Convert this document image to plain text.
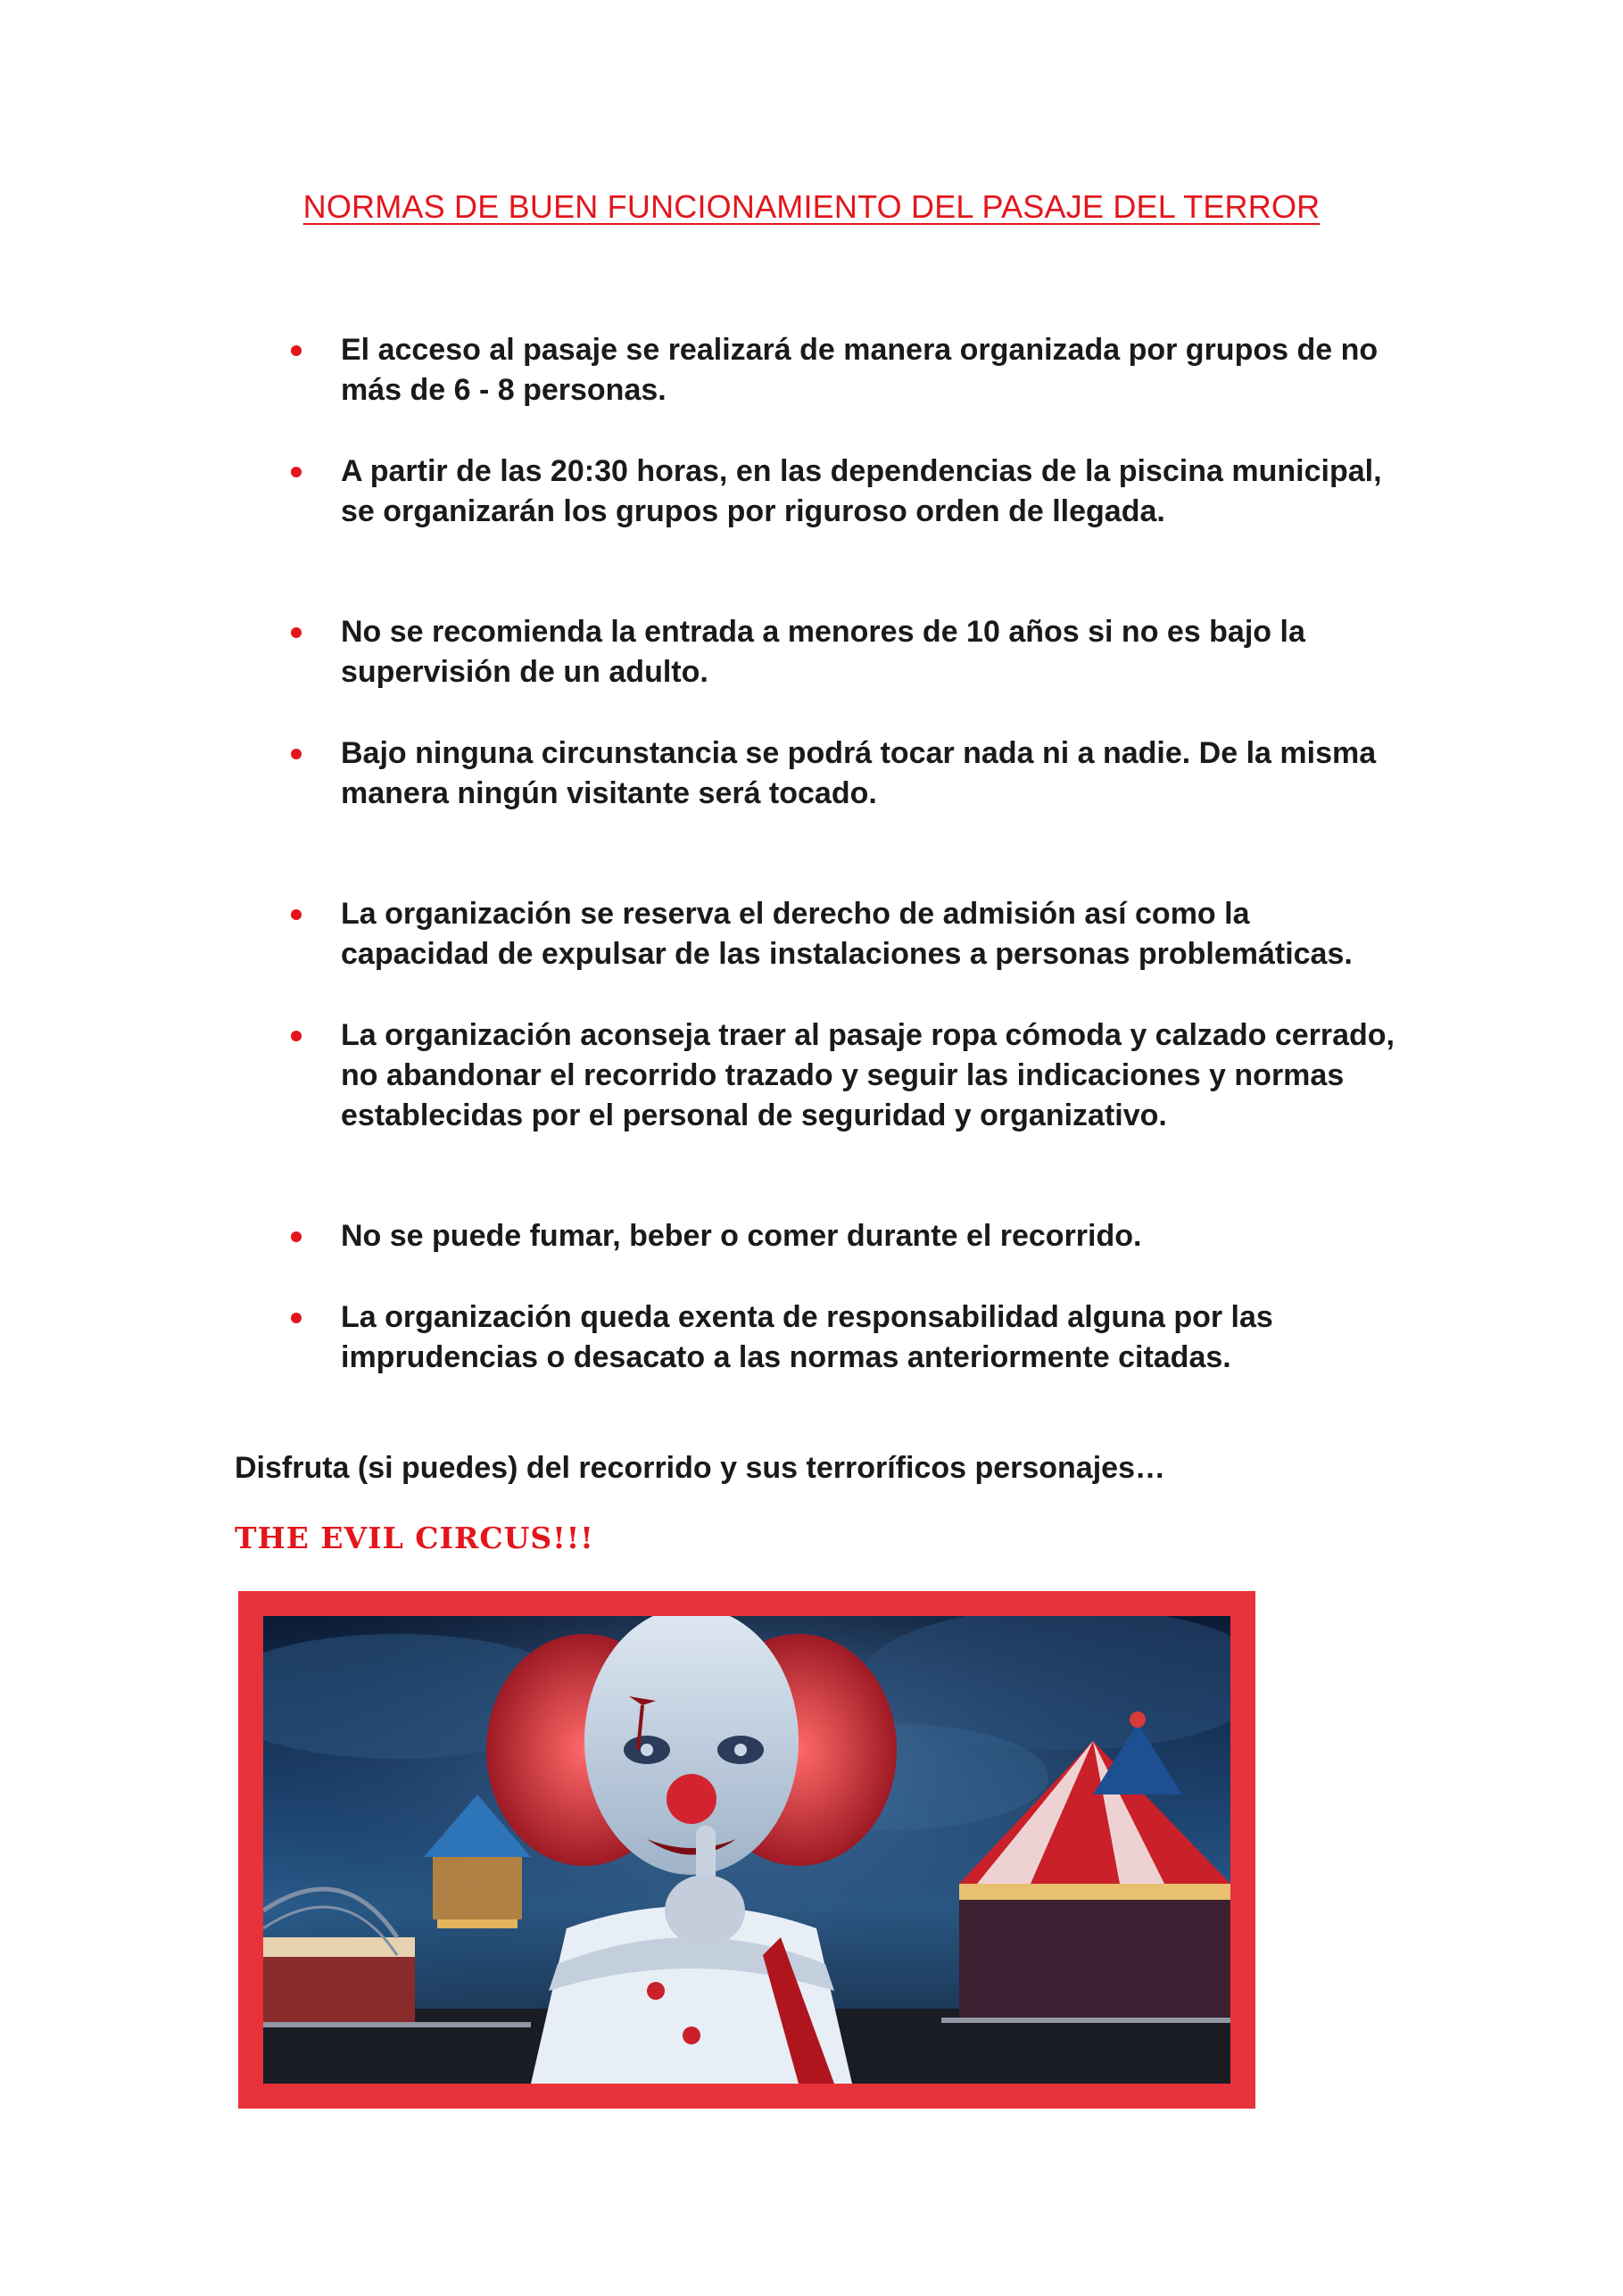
NORMAS DE BUEN FUNCIONAMIENTO DEL PASAJE DEL TERROR
El acceso al pasaje se realizará de manera organizada por grupos de no
más de 6 - 8 personas.
A partir de las 20:30 horas, en las dependencias de la piscina municipal,
se organizarán los grupos por riguroso orden de llegada.
No se recomienda la entrada a menores de 10 años si no es bajo la
supervisión de un adulto.
Bajo ninguna circunstancia se podrá tocar nada ni a nadie. De la misma
manera ningún visitante será tocado.
La organización se reserva el derecho de admisión así como la
capacidad de expulsar de las instalaciones a personas problemáticas.
La organización aconseja traer al pasaje ropa cómoda y calzado cerrado,
no abandonar el recorrido trazado y seguir las indicaciones y normas
establecidas por el personal de seguridad y organizativo.
No se puede fumar, beber o comer durante el recorrido.
La organización queda exenta de responsabilidad alguna por las
imprudencias o desacato a las normas anteriormente citadas.
Disfruta (si puedes) del recorrido y sus terroríficos personajes…
THE EVIL CIRCUS!!!
